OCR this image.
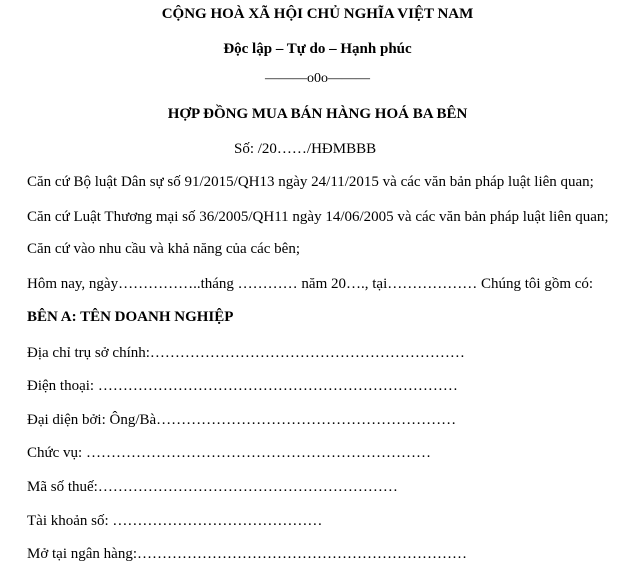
CỘNG HOÀ XÃ HỘI CHỦ NGHĨA VIỆT NAM
Độc lập – Tự do – Hạnh phúc
———o0o———
HỢP ĐỒNG MUA BÁN HÀNG HOÁ BA BÊN
Số: /20……/HĐMBBB
Căn cứ Bộ luật Dân sự số 91/2015/QH13 ngày 24/11/2015 và các văn bản pháp luật liên quan;
Căn cứ Luật Thương mại số 36/2005/QH11 ngày 14/06/2005 và các văn bản pháp luật liên quan;
Căn cứ vào nhu cầu và khả năng của các bên;
Hôm nay, ngày……………..tháng ………… năm 20…., tại……………… Chúng tôi gồm có:
BÊN A: TÊN DOANH NGHIỆP
Địa chỉ trụ sở chính:………………………………………………………
Điện thoại: ………………………………………………………………
Đại diện bởi: Ông/Bà……………………………………………………
Chức vụ: ……………………………………………………………
Mã số thuế:……………………………………………………
Tài khoản số: ……………………………………
Mở tại ngân hàng:…………………………………………………………
